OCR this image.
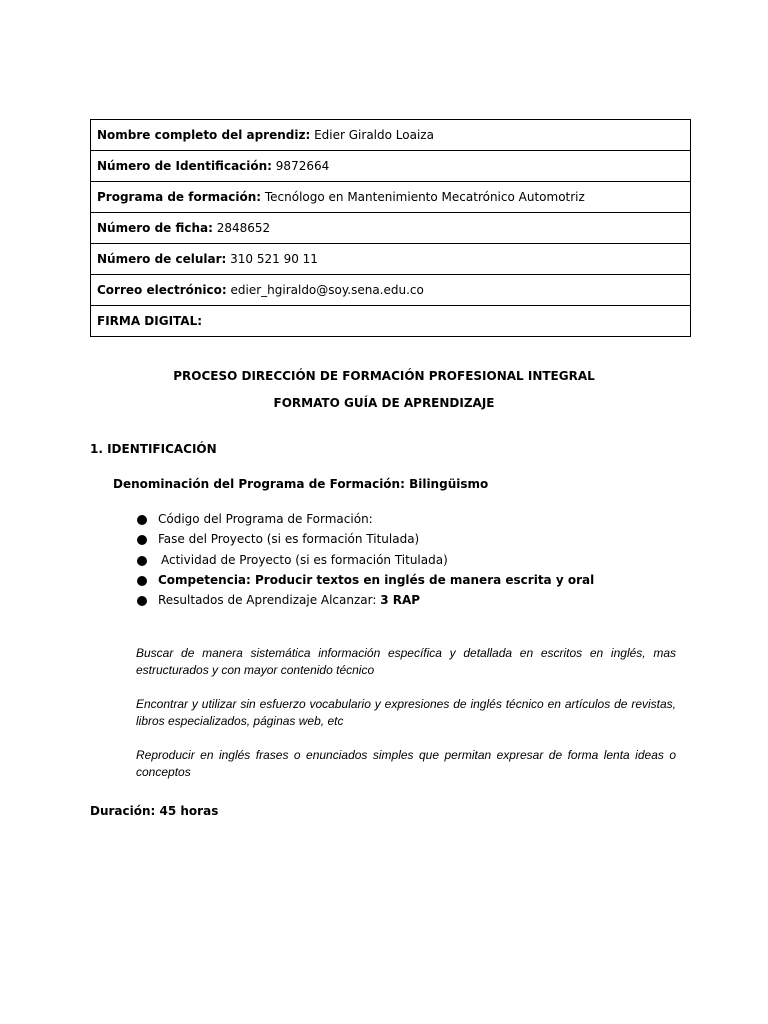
Nombre completo del aprendiz: Edier Giraldo Loaiza
Número de Identificación: 9872664
Programa de formación: Tecnólogo en Mantenimiento Mecatrónico Automotriz
Número de ficha: 2848652
Número de celular: 310 521 90 11
Correo electrónico: edier_hgiraldo@soy.sena.edu.co
FIRMA DIGITAL:
PROCESO DIRECCIÓN DE FORMACIÓN PROFESIONAL INTEGRAL
FORMATO GUÍA DE APRENDIZAJE
1. IDENTIFICACIÓN
Denominación del Programa de Formación: Bilingüismo
Código del Programa de Formación:
Fase del Proyecto (si es formación Titulada)
Actividad de Proyecto (si es formación Titulada)
Competencia: Producir textos en inglés de manera escrita y oral
Resultados de Aprendizaje Alcanzar: 3 RAP

Buscar de manera sistemática información específica y detallada en escritos en inglés, mas estructurados y con mayor contenido técnico

Encontrar y utilizar sin esfuerzo vocabulario y expresiones de inglés técnico en artículos de revistas, libros especializados, páginas web, etc

Reproducir en inglés frases o enunciados simples que permitan expresar de forma lenta ideas o conceptos

Duración: 45 horas
